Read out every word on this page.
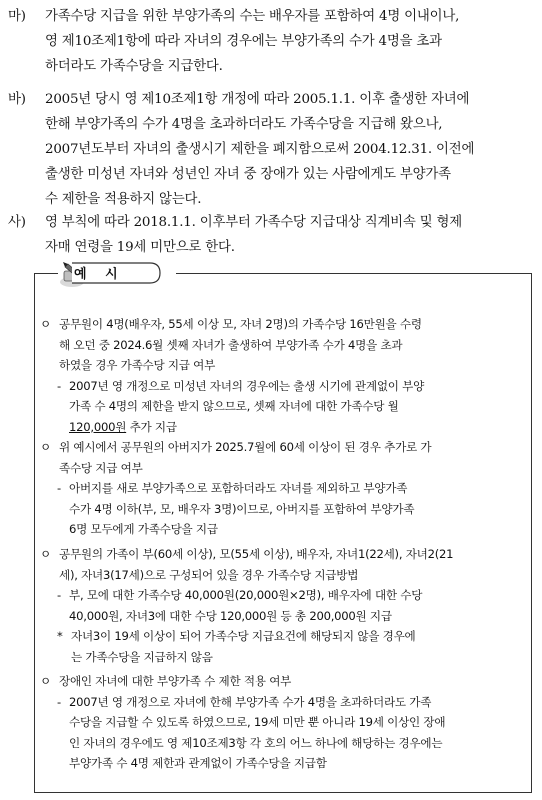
마) 가족수당 지급을 위한 부양가족의 수는 배우자를 포함하여 4명 이내이나,
영 제10조제1항에 따라 자녀의 경우에는 부양가족의 수가 4명을 초과
하더라도 가족수당을 지급한다.
바) 2005년 당시 영 제10조제1항 개정에 따라 2005.1.1. 이후 출생한 자녀에
한해 부양가족의 수가 4명을 초과하더라도 가족수당을 지급해 왔으나,
2007년도부터 자녀의 출생시기 제한을 폐지함으로써 2004.12.31. 이전에
출생한 미성년 자녀와 성년인 자녀 중 장애가 있는 사람에게도 부양가족
수 제한을 적용하지 않는다.
사) 영 부칙에 따라 2018.1.1. 이후부터 가족수당 지급대상 직계비속 및 형제
자매 연령을 19세 미만으로 한다.
예 시
ㅇ 공무원이 4명(배우자, 55세 이상 모, 자녀 2명)의 가족수당 16만원을 수령
해 오던 중 2024.6월 셋째 자녀가 출생하여 부양가족 수가 4명을 초과
하였을 경우 가족수당 지급 여부
- 2007년 영 개정으로 미성년 자녀의 경우에는 출생 시기에 관계없이 부양
가족 수 4명의 제한을 받지 않으므로, 셋째 자녀에 대한 가족수당 월
120,000원 추가 지급
ㅇ 위 예시에서 공무원의 아버지가 2025.7월에 60세 이상이 된 경우 추가로 가
족수당 지급 여부
- 아버지를 새로 부양가족으로 포함하더라도 자녀를 제외하고 부양가족
수가 4명 이하(부, 모, 배우자 3명)이므로, 아버지를 포함하여 부양가족
6명 모두에게 가족수당을 지급
ㅇ 공무원의 가족이 부(60세 이상), 모(55세 이상), 배우자, 자녀1(22세), 자녀2(21
세), 자녀3(17세)으로 구성되어 있을 경우 가족수당 지급방법
- 부, 모에 대한 가족수당 40,000원(20,000원×2명), 배우자에 대한 수당
40,000원, 자녀3에 대한 수당 120,000원 등 총 200,000원 지급
* 자녀3이 19세 이상이 되어 가족수당 지급요건에 해당되지 않을 경우에
는 가족수당을 지급하지 않음
ㅇ 장애인 자녀에 대한 부양가족 수 제한 적용 여부
- 2007년 영 개정으로 자녀에 한해 부양가족 수가 4명을 초과하더라도 가족
수당을 지급할 수 있도록 하였으므로, 19세 미만 뿐 아니라 19세 이상인 장애
인 자녀의 경우에도 영 제10조제3항 각 호의 어느 하나에 해당하는 경우에는
부양가족 수 4명 제한과 관계없이 가족수당을 지급함
